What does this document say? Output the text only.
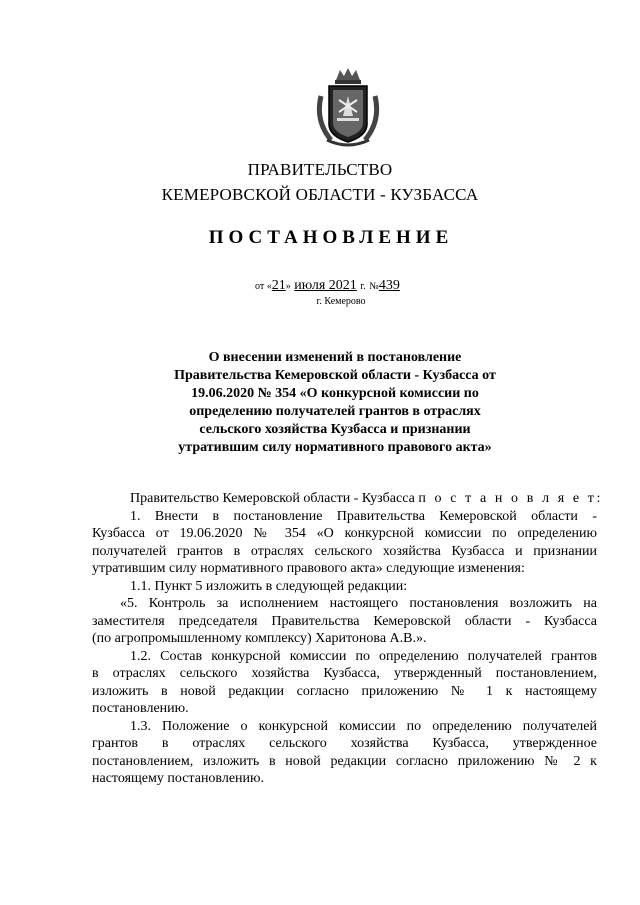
ПРАВИТЕЛЬСТВО
КЕМЕРОВСКОЙ ОБЛАСТИ - КУЗБАССА
ПОСТАНОВЛЕНИЕ
от «21» июля 2021 г. №439
г. Кемерово
О внесении изменений в постановление
Правительства Кемеровской области - Кузбасса от
19.06.2020 № 354 «О конкурсной комиссии по
определению получателей грантов в отраслях
сельского хозяйства Кузбасса и признании
утратившим силу нормативного правового акта»
Правительство Кемеровской области - Кузбасса п о с т а н о в л я е т:
1. Внести в постановление Правительства Кемеровской области -
Кузбасса от 19.06.2020 № 354 «О конкурсной комиссии по определению
получателей грантов в отраслях сельского хозяйства Кузбасса и признании
утратившим силу нормативного правового акта» следующие изменения:
1.1. Пункт 5 изложить в следующей редакции:
«5. Контроль за исполнением настоящего постановления возложить на
заместителя председателя Правительства Кемеровской области - Кузбасса
(по агропромышленному комплексу) Харитонова А.В.».
1.2. Состав конкурсной комиссии по определению получателей грантов
в отраслях сельского хозяйства Кузбасса, утвержденный постановлением,
изложить в новой редакции согласно приложению № 1 к настоящему
постановлению.
1.3. Положение о конкурсной комиссии по определению получателей
грантов в отраслях сельского хозяйства Кузбасса, утвержденное
постановлением, изложить в новой редакции согласно приложению № 2 к
настоящему постановлению.
